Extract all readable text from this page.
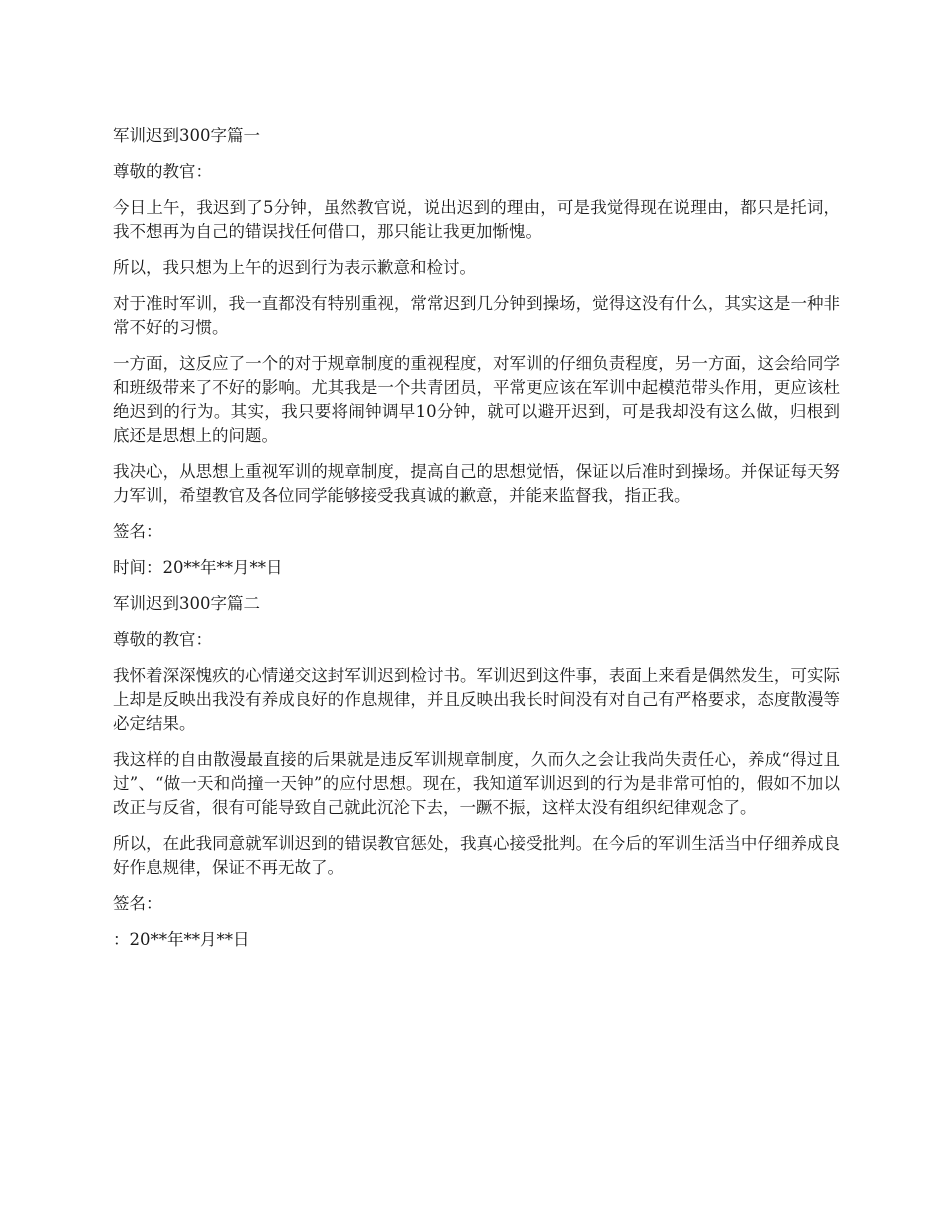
军训迟到300字篇一

尊敬的教官：

今日上午，我迟到了5分钟，虽然教官说，说出迟到的理由，可是我觉得现在说理由，都只是托词，我不想再为自己的错误找任何借口，那只能让我更加惭愧。

所以，我只想为上午的迟到行为表示歉意和检讨。

对于准时军训，我一直都没有特别重视，常常迟到几分钟到操场，觉得这没有什么，其实这是一种非常不好的习惯。

一方面，这反应了一个的对于规章制度的重视程度，对军训的仔细负责程度，另一方面，这会给同学和班级带来了不好的影响。尤其我是一个共青团员，平常更应该在军训中起模范带头作用，更应该杜绝迟到的行为。其实，我只要将闹钟调早10分钟，就可以避开迟到，可是我却没有这么做，归根到底还是思想上的问题。

我决心，从思想上重视军训的规章制度，提高自己的思想觉悟，保证以后准时到操场。并保证每天努力军训，希望教官及各位同学能够接受我真诚的歉意，并能来监督我，指正我。

签名：

时间：20**年**月**日

军训迟到300字篇二

尊敬的教官：

我怀着深深愧疚的心情递交这封军训迟到检讨书。军训迟到这件事，表面上来看是偶然发生，可实际上却是反映出我没有养成良好的作息规律，并且反映出我长时间没有对自己有严格要求，态度散漫等必定结果。

我这样的自由散漫最直接的后果就是违反军训规章制度，久而久之会让我尚失责任心，养成“得过且过”、“做一天和尚撞一天钟”的应付思想。现在，我知道军训迟到的行为是非常可怕的，假如不加以改正与反省，很有可能导致自己就此沉沦下去，一蹶不振，这样太没有组织纪律观念了。

所以，在此我同意就军训迟到的错误教官惩处，我真心接受批判。在今后的军训生活当中仔细养成良好作息规律，保证不再无故了。

签名：

：20**年**月**日
